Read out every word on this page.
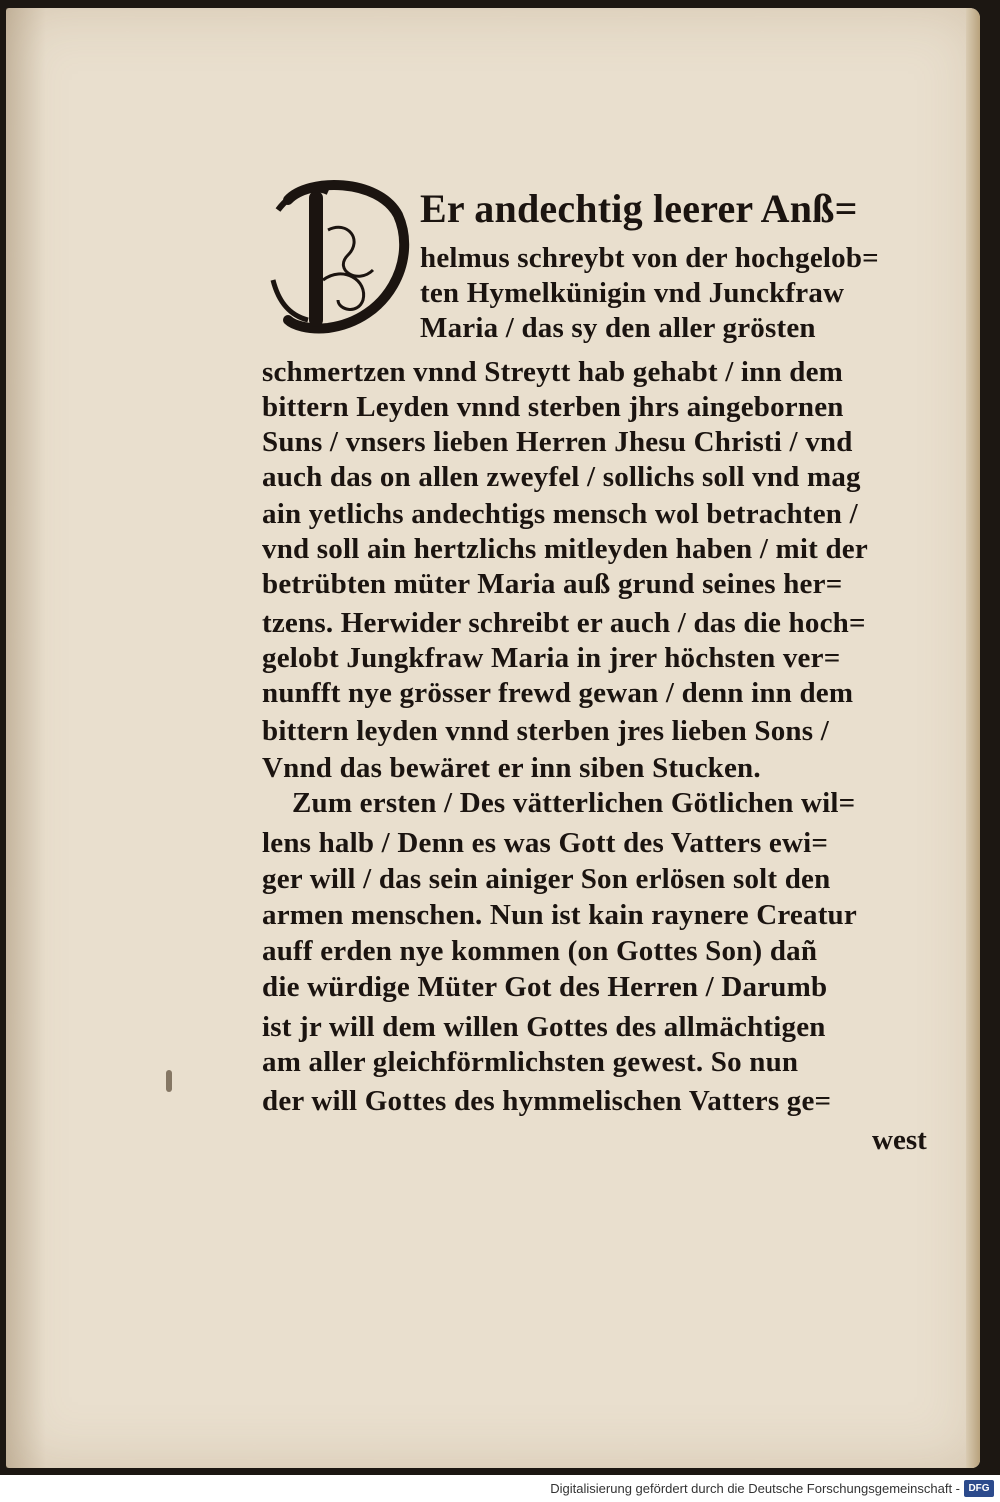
Er andechtig leerer Anß=
helmus schreybt von der hochgelob=
ten Hymelkünigin vnd Junckfraw
Maria / das sy den aller grösten
schmertzen vnnd Streytt hab gehabt / inn dem
bittern Leyden vnnd sterben jhrs aingebornen
Suns / vnsers lieben Herren Jhesu Christi / vnd
auch das on allen zweyfel / sollichs soll vnd mag
ain yetlichs andechtigs mensch wol betrachten /
vnd soll ain hertzlichs mitleyden haben / mit der
betrübten müter Maria auß grund seines her=
tzens. Herwider schreibt er auch / das die hoch=
gelobt Jungkfraw Maria in jrer höchsten ver=
nunfft nye grösser frewd gewan / denn inn dem
bittern leyden vnnd sterben jres lieben Sons /
Vnnd das bewäret er inn siben Stucken.
Zum ersten / Des vätterlichen Götlichen wil=
lens halb / Denn es was Gott des Vatters ewi=
ger will / das sein ainiger Son erlösen solt den
armen menschen. Nun ist kain raynere Creatur
auff erden nye kommen (on Gottes Son) dañ
die würdige Müter Got des Herren / Darumb
ist jr will dem willen Gottes des allmächtigen
am aller gleichförmlichsten gewest. So nun
der will Gottes des hymmelischen Vatters ge=
west
Digitalisierung gefördert durch die Deutsche Forschungsgemeinschaft - DFG
